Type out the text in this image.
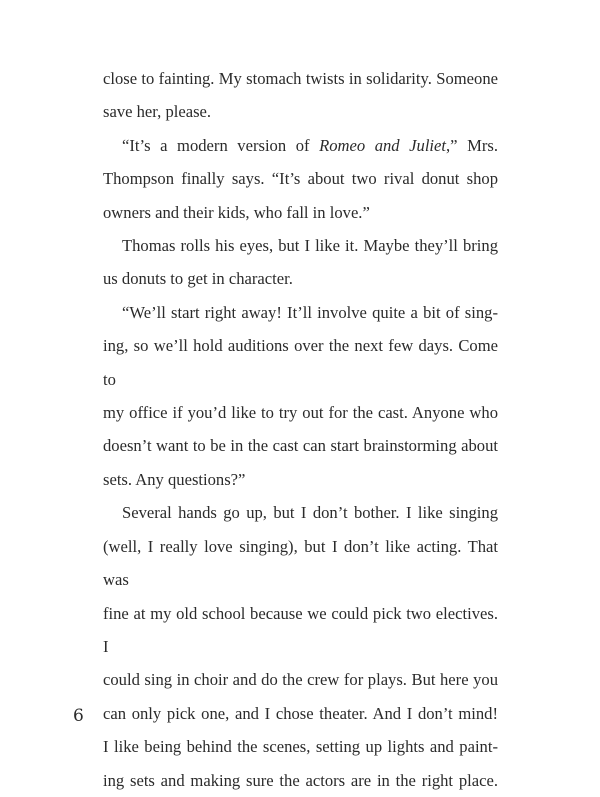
close to fainting. My stomach twists in solidarity. Someone
save her, please.

“It’s a modern version of Romeo and Juliet,” Mrs.
Thompson finally says. “It’s about two rival donut shop
owners and their kids, who fall in love.”

Thomas rolls his eyes, but I like it. Maybe they’ll bring
us donuts to get in character.

“We’ll start right away! It’ll involve quite a bit of sing-
ing, so we’ll hold auditions over the next few days. Come to
my office if you’d like to try out for the cast. Anyone who
doesn’t want to be in the cast can start brainstorming about
sets. Any questions?”

Several hands go up, but I don’t bother. I like singing
(well, I really love singing), but I don’t like acting. That was
fine at my old school because we could pick two electives. I
could sing in choir and do the crew for plays. But here you
can only pick one, and I chose theater. And I don’t mind!
I like being behind the scenes, setting up lights and paint-
ing sets and making sure the actors are in the right place.

6
